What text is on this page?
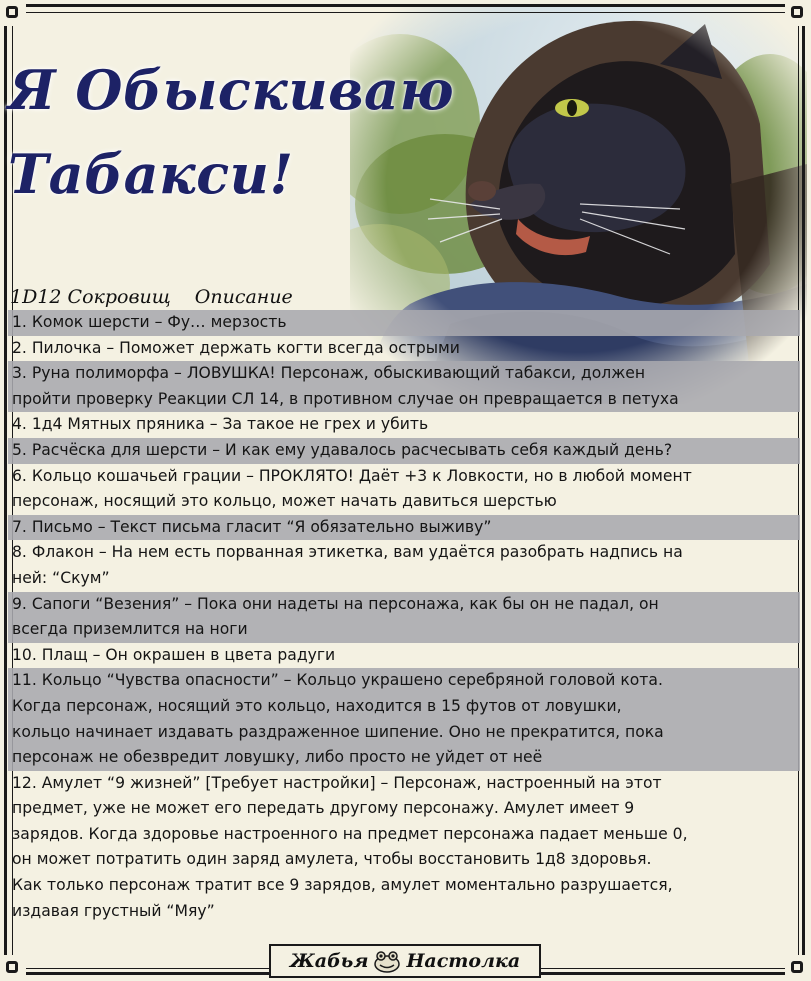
Я Обыскиваю
Табакси!
1D12 Сокровищ Описание
1. Комок шерсти – Фу… мерзость
2. Пилочка – Поможет держать когти всегда острыми
3. Руна полиморфа – ЛОВУШКА! Персонаж, обыскивающий табакси, должен
пройти проверку Реакции СЛ 14, в противном случае он превращается в петуха
4. 1д4 Мятных пряника – За такое не грех и убить
5. Расчёска для шерсти – И как ему удавалось расчесывать себя каждый день?
6. Кольцо кошачьей грации – ПРОКЛЯТО! Даёт +3 к Ловкости, но в любой момент
персонаж, носящий это кольцо, может начать давиться шерстью
7. Письмо – Текст письма гласит “Я обязательно выживу”
8. Флакон – На нем есть порванная этикетка, вам удаётся разобрать надпись на
ней: “Скум”
9. Сапоги “Везения” – Пока они надеты на персонажа, как бы он не падал, он
всегда приземлится на ноги
10. Плащ – Он окрашен в цвета радуги
11. Кольцо “Чувства опасности” – Кольцо украшено серебряной головой кота.
Когда персонаж, носящий это кольцо, находится в 15 футов от ловушки,
кольцо начинает издавать раздраженное шипение. Оно не прекратится, пока
персонаж не обезвредит ловушку, либо просто не уйдет от неё
12. Амулет “9 жизней” [Требует настройки] – Персонаж, настроенный на этот
предмет, уже не может его передать другому персонажу. Амулет имеет 9
зарядов. Когда здоровье настроенного на предмет персонажа падает меньше 0,
он может потратить один заряд амулета, чтобы восстановить 1д8 здоровья.
Как только персонаж тратит все 9 зарядов, амулет моментально разрушается,
издавая грустный “Мяу”
Жабья Настолка
